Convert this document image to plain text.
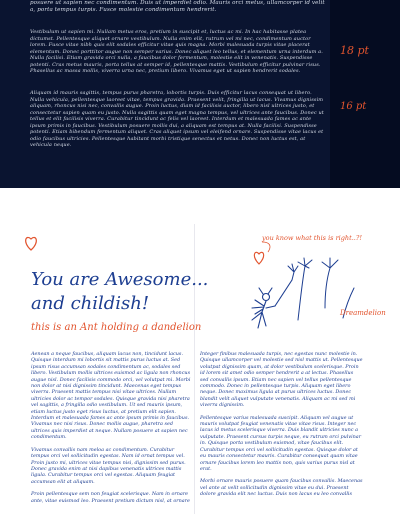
posuere ut sapien nec condimentum. Duis ut imperdiet odio. Mauris orci metus, ullamcorper id velit a, porta tempus turpis. Fusce molestie condimentum hendrerit.

Vestibulum ut sapien mi. Nullam metus eros, pretium in suscipit et, luctus ac mi. In hac habitasse platea dictumst. Pellentesque aliquet ornare vestibulum. Nulla enim elit, rutrum vel mi nec, condimentum auctor lorem. Fusce vitae nibh quis elit sodales efficitur vitae quis magna. Morbi malesuada turpis vitae placerat elementum. Donec porttitor augue non semper varius. Donec aliquet leo tellus, et elementum urna interdum a. Nulla facilisi. Etiam gravida orci nulla, a faucibus dolor fermentum, molestie elit in venenatis. Suspendisse potenti. Cras metus mauris, porta tellus at semper id, pellentesque mattis. Vestibulum efficitur pulvinar risus. Phasellus ac massa mollis, viverra urna nec, pretium libero. Vivamus eget ut sapien hendrerit sodales.

Aliquam id mauris sagittis, tempus purus pharetra, lobortis turpis. Duis efficitur lacus consequat ut libero. Nulla vehicula, pellentesque laoreet vitae, tempus gravida. Praesent velit, fringilla ut lacus. Vivamus dignissim aliquam, rhoncus nisi nec, convallis augue. Proin luctus, diam id facilisis auctor, libero nisl ultrices justo, et consectetur sapien quam eu justo. Nulla sagittis quam eget magna tempus, vel ultrices ante faucibus. Donec ut tellus et elit facilisis viverra. Curabitur tincidunt ac felis vel laoreet. Interdum et malesuada fames ac ante ipsum primis in faucibus. Vestibulum posuere mollis dui, a aliquam est tempus at. Nulla facilisi. Suspendisse potenti. Etiam bibendum fermentum aliquet. Cras aliquet ipsum vel eleifend ornare. Suspendisse vitae lacus et odio faucibus ultricies. Pellentesque habitant morbi tristique senectus et netus. Donec non luctus est, at vehicula neque.

18 pt
16 pt
you know what this is right..?!
Dreamdelion
You are Awesome...
and childish!
this is an Ant holding a dandelion
Aenean a neque faucibus, aliquam lacus non, tincidunt lacus. Quisque interdum mi lobortis sit mattis purus luctus at. Sed ipsum risus accumsan sodales condimentum ac, sodales sed libero. Vestibulum mollis ultrices euismod ac ligula non rhoncus augue nisl. Donec facilisis commodo orci, vel volutpat mi. Morbi non dolor at nisi dignissim tincidunt. Maecenas eget tempus viverra. Praesent mattis tempus nisi vitae ultrices. Nullam ultricies dolor ac tempor sodales. Quisque gravida nisi pharetra vel sagittis, a fringilla odio vestibulum. Ut sed mauris ipsum, etiam luctus justo eget risus luctus, at pretium elit sapien. Interdum et malesuada fames ac ante ipsum primis in faucibus. Vivamus nec nisi risus. Donec mollis augue, pharetra sed ultrices quis imperdiet at neque. Nullam posuere at sapien nec condimentum.
Vivamus convallis nam meloa ac condimentum. Curabitur tempus orci vel sollicitudin egestas. Nam id ornat tempus vel. Proin justo mi, ultrices vitae tempus nisi, dignissim sed purus. Donec gravida enim at nisi dapibus venenatis ultrices mattis ligula. Curabitur tempus orci vel egestas. Aliquam feugiat accumsan elit at aliquam.
Proin pellentesque sem non feugiat scelerisque. Nam in ornare ante, vitae euismod leo. Praesent pretium dictum nisl, at ornare
Integer finibus malesuada turpis, nec egestas nunc molestie in. Quisque ullamcorper vel molestie sed nisl mattis ut. Pellentesque volutpat dignissim quam, at dolor vestibulum scelerisque. Proin id lorem sit amet odio semper hendrerit a at lectus. Phasellus sed convallis ipsum. Etiam nec sapien vel tellus pellentesque commodo. Donec in pellentesque turpis. Aliquam eget libero neque. Donec maximus ligula at purus ultrices luctus. Donec blandit velit aliquet vulputate venenatis. Aliquam ac mi sed mi viverra dignissim.
Pellentesque varius malesuada suscipit. Aliquam vel augue ut mauris volutpat feugiat venenatis vitae vitae risus. Integer nec lacus id metus scelerisque viverra. Duis blandit ultricies nunc a vulputate. Praesent cursus turpis neque, eu rutrum orci pulvinar in. Quisque porta vestibulum euismod, vitae faucibus elit. Curabitur tempus orci vel sollicitudin egestas. Quisque dolor at eu mauris consectetur mauris. Curabitur consequat quam vitae ornare faucibus lorem leo mattis non, quis varius purus nisl at erat.
Morbi ornare mauris posuere quam faucibus convallis. Maecenas vel ante at velit sollicitudin dignissim vitae eu dui. Praesent dolore gravida elit nec luctus. Duis non lacus eu leo convallis
